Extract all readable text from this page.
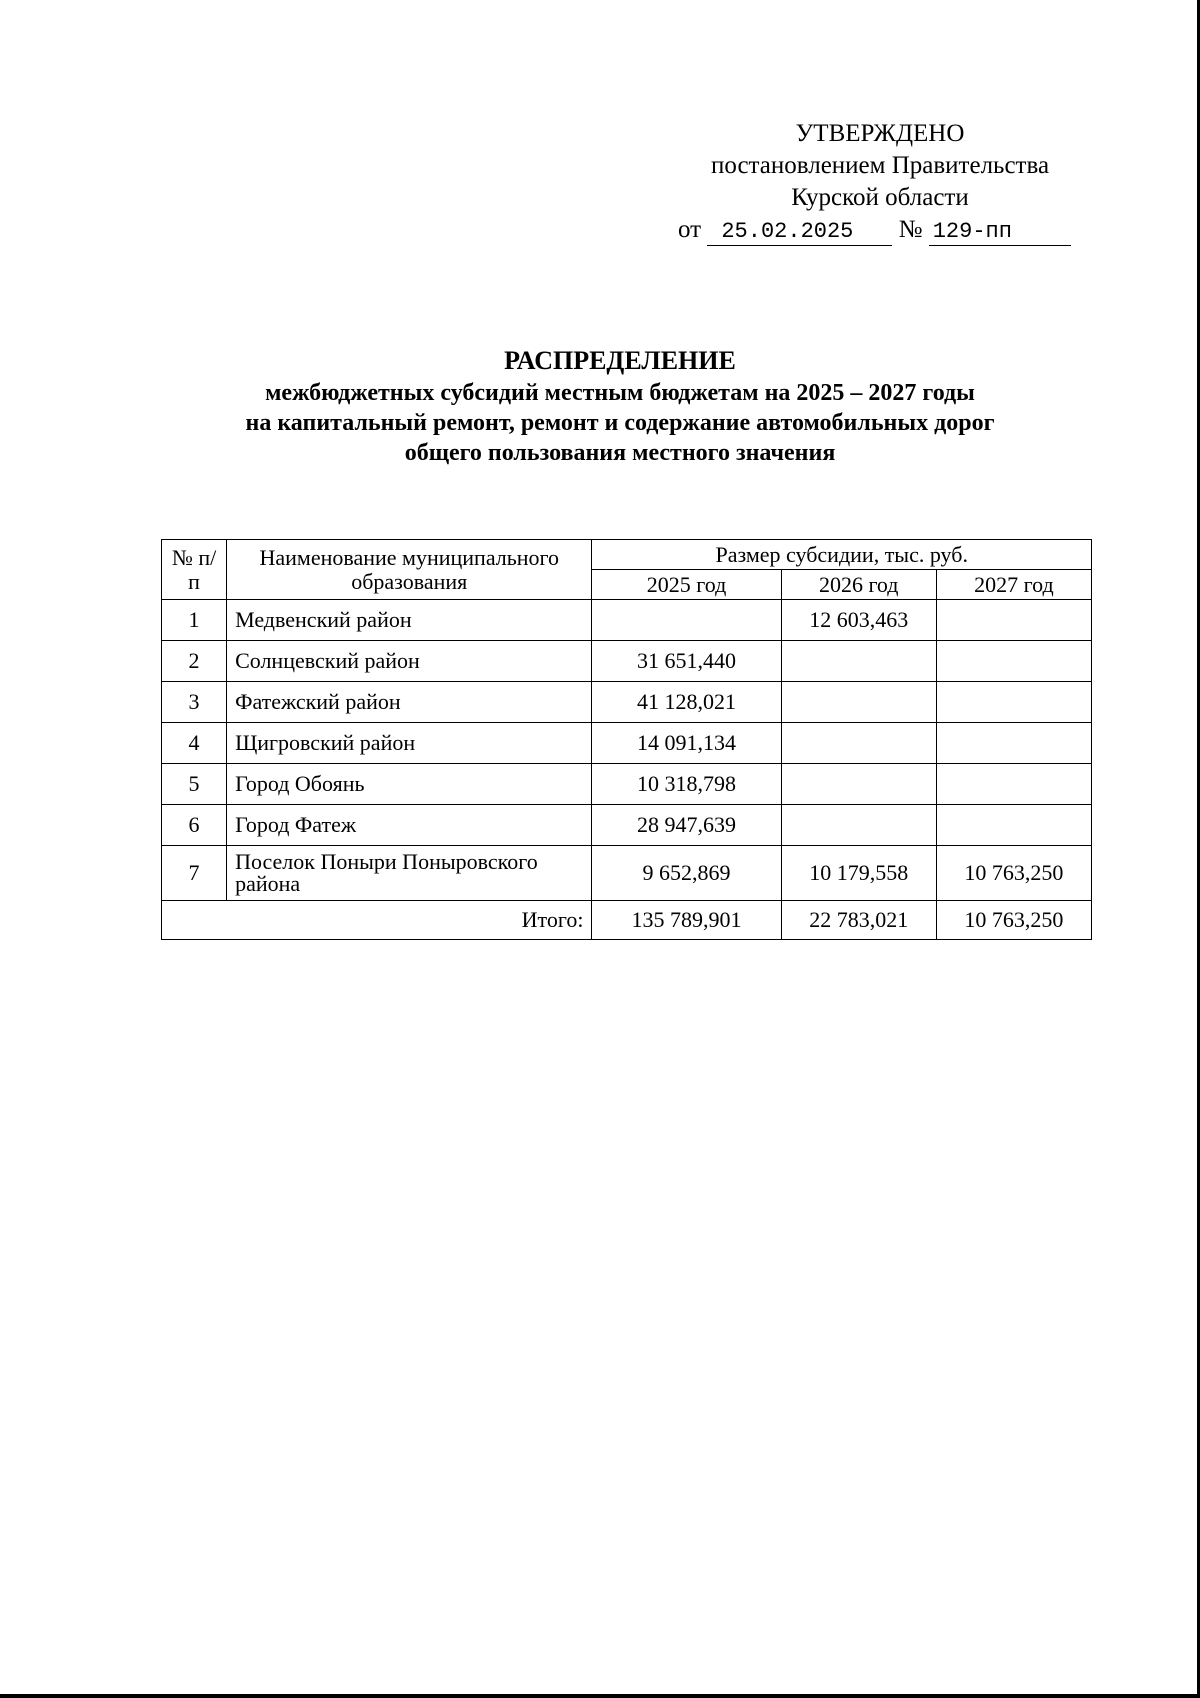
УТВЕРЖДЕНО
постановлением Правительства
Курской области
от 25.02.2025 № 129-пп
РАСПРЕДЕЛЕНИЕ
межбюджетных субсидий местным бюджетам на 2025 – 2027 годы
на капитальный ремонт, ремонт и содержание автомобильных дорог
общего пользования местного значения
№ п/п	Наименование муниципального образования	Размер субсидии, тыс. руб.		
		2025 год	2026 год	2027 год
1	Медвенский район		12 603,463	
2	Солнцевский район	31 651,440		
3	Фатежский район	41 128,021		
4	Щигровский район	14 091,134		
5	Город Обоянь	10 318,798		
6	Город Фатеж	28 947,639		
7	Поселок Поныри Поныровского района	9 652,869	10 179,558	10 763,250
Итого:		135 789,901	22 783,021	10 763,250
